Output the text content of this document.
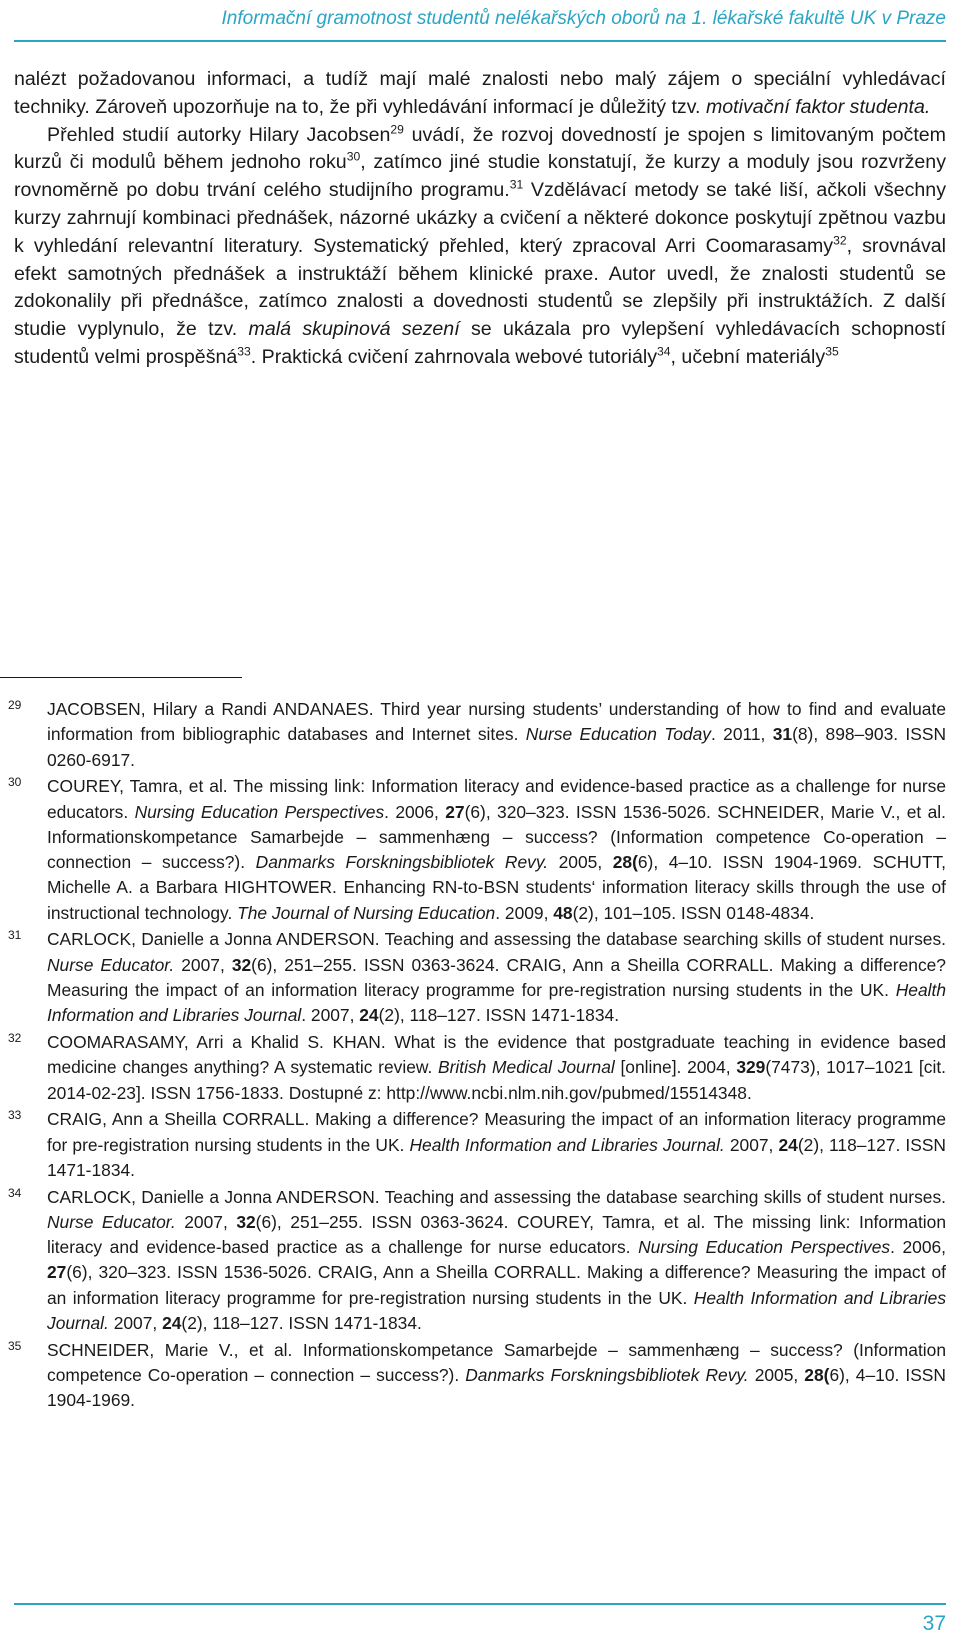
Informační gramotnost studentů nelékařských oborů na 1. lékařské fakultě UK v Praze

nalézt požadovanou informaci, a tudíž mají malé znalosti nebo malý zájem o speciální vyhledávací techniky. Zároveň upozorňuje na to, že při vyhledávání informací je důležitý tzv. motivační faktor studenta.

Přehled studií autorky Hilary Jacobsen$^{29}$ uvádí, že rozvoj dovedností je spojen s limitovaným počtem kurzů či modulů během jednoho roku$^{30}$, zatímco jiné studie konstatují, že kurzy a moduly jsou rozvrženy rovnoměrně po dobu trvání celého studijního programu.$^{31}$ Vzdělávací metody se také liší, ačkoli všechny kurzy zahrnují kombinaci přednášek, názorné ukázky a cvičení a některé dokonce poskytují zpětnou vazbu k vyhledání relevantní literatury. Systematický přehled, který zpracoval Arri Coomarasamy$^{32}$, srovnával efekt samotných přednášek a instruktáží během klinické praxe. Autor uvedl, že znalosti studentů se zdokonalily při přednášce, zatímco znalosti a dovednosti studentů se zlepšily při instruktážích. Z další studie vyplynulo, že tzv. malá skupinová sezení se ukázala pro vylepšení vyhledávacích schopností studentů velmi prospěšná$^{33}$. Praktická cvičení zahrnovala webové tutoriály$^{34}$, učební materiály$^{35}$

29 JACOBSEN, Hilary a Randi ANDANAES. Third year nursing students’ understanding of how to find and evaluate information from bibliographic databases and Internet sites. Nurse Education Today. 2011, 31(8), 898–903. ISSN 0260-6917.
30 COUREY, Tamra, et al. The missing link: Information literacy and evidence-based practice as a challenge for nurse educators. Nursing Education Perspectives. 2006, 27(6), 320–323. ISSN 1536-5026. SCHNEIDER, Marie V., et al. Informationskompetance Samarbejde – sammenhæng – success? (Information competence Co-operation – connection – success?). Danmarks Forskningsbibliotek Revy. 2005, 28(6), 4–10. ISSN 1904-1969. SCHUTT, Michelle A. a Barbara HIGHTOWER. Enhancing RN-to-BSN students‘ information literacy skills through the use of instructional technology. The Journal of Nursing Education. 2009, 48(2), 101–105. ISSN 0148-4834.
31 CARLOCK, Danielle a Jonna ANDERSON. Teaching and assessing the database searching skills of student nurses. Nurse Educator. 2007, 32(6), 251–255. ISSN 0363-3624. CRAIG, Ann a Sheilla CORRALL. Making a difference? Measuring the impact of an information literacy programme for pre-registration nursing students in the UK. Health Information and Libraries Journal. 2007, 24(2), 118–127. ISSN 1471-1834.
32 COOMARASAMY, Arri a Khalid S. KHAN. What is the evidence that postgraduate teaching in evidence based medicine changes anything? A systematic review. British Medical Journal [online]. 2004, 329(7473), 1017–1021 [cit. 2014-02-23]. ISSN 1756-1833. Dostupné z: http://www.ncbi.nlm.nih.gov/pubmed/15514348.
33 CRAIG, Ann a Sheilla CORRALL. Making a difference? Measuring the impact of an information literacy programme for pre-registration nursing students in the UK. Health Information and Libraries Journal. 2007, 24(2), 118–127. ISSN 1471-1834.
34 CARLOCK, Danielle a Jonna ANDERSON. Teaching and assessing the database searching skills of student nurses. Nurse Educator. 2007, 32(6), 251–255. ISSN 0363-3624. COUREY, Tamra, et al. The missing link: Information literacy and evidence-based practice as a challenge for nurse educators. Nursing Education Perspectives. 2006, 27(6), 320–323. ISSN 1536-5026. CRAIG, Ann a Sheilla CORRALL. Making a difference? Measuring the impact of an information literacy programme for pre-registration nursing students in the UK. Health Information and Libraries Journal. 2007, 24(2), 118–127. ISSN 1471-1834.
35 SCHNEIDER, Marie V., et al. Informationskompetance Samarbejde – sammenhæng – success? (Information competence Co-operation – connection – success?). Danmarks Forskningsbibliotek Revy. 2005, 28(6), 4–10. ISSN 1904-1969.
37
